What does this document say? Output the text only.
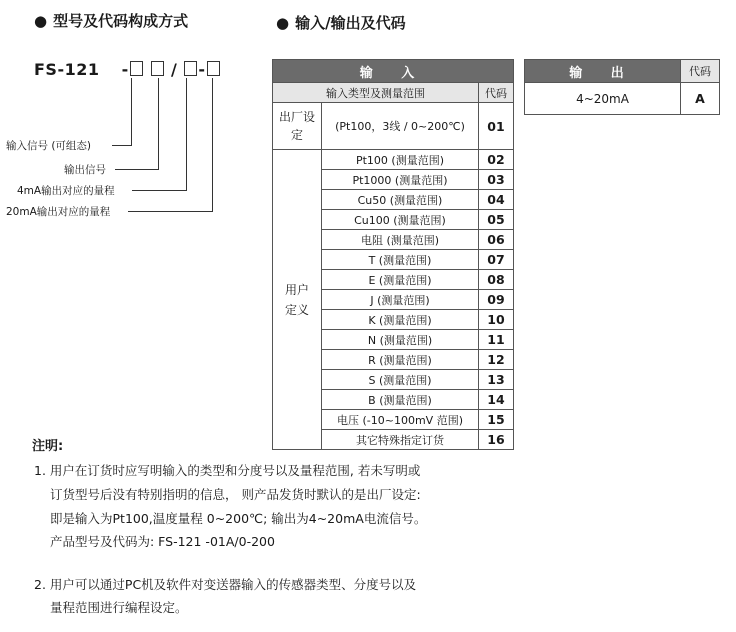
● 型号及代码构成方式
FS-121 -	/ -
输入信号 (可组态)
输出信号
4mA输出对应的量程
20mA输出对应的量程
● 输入/输出及代码
输 入		
输入类型及测量范围		代码
出厂设定	(Pt100，3线 / 0~200℃)	01
用户定义	Pt100 (测量范围)	02
	Pt1000 (测量范围)	03
	Cu50 (测量范围)	04
	Cu100 (测量范围)	05
	电阻 (测量范围)	06
	T (测量范围)	07
	E (测量范围)	08
	J (测量范围)	09
	K (测量范围)	10
	N (测量范围)	11
	R (测量范围)	12
	S (测量范围)	13
	B (测量范围)	14
	电压 (-10~100mV 范围)	15
	其它特殊指定订货	16
输 出	代码
4~20mA	A
注明:
1. 用户在订货时应写明输入的类型和分度号以及量程范围, 若未写明或
订货型号后没有特别指明的信息， 则产品发货时默认的是出厂设定:
即是输入为Pt100,温度量程 0~200℃; 输出为4~20mA电流信号。
产品型号及代码为: FS-121 -01A/0-200
2. 用户可以通过PC机及软件对变送器输入的传感器类型、分度号以及
量程范围进行编程设定。
